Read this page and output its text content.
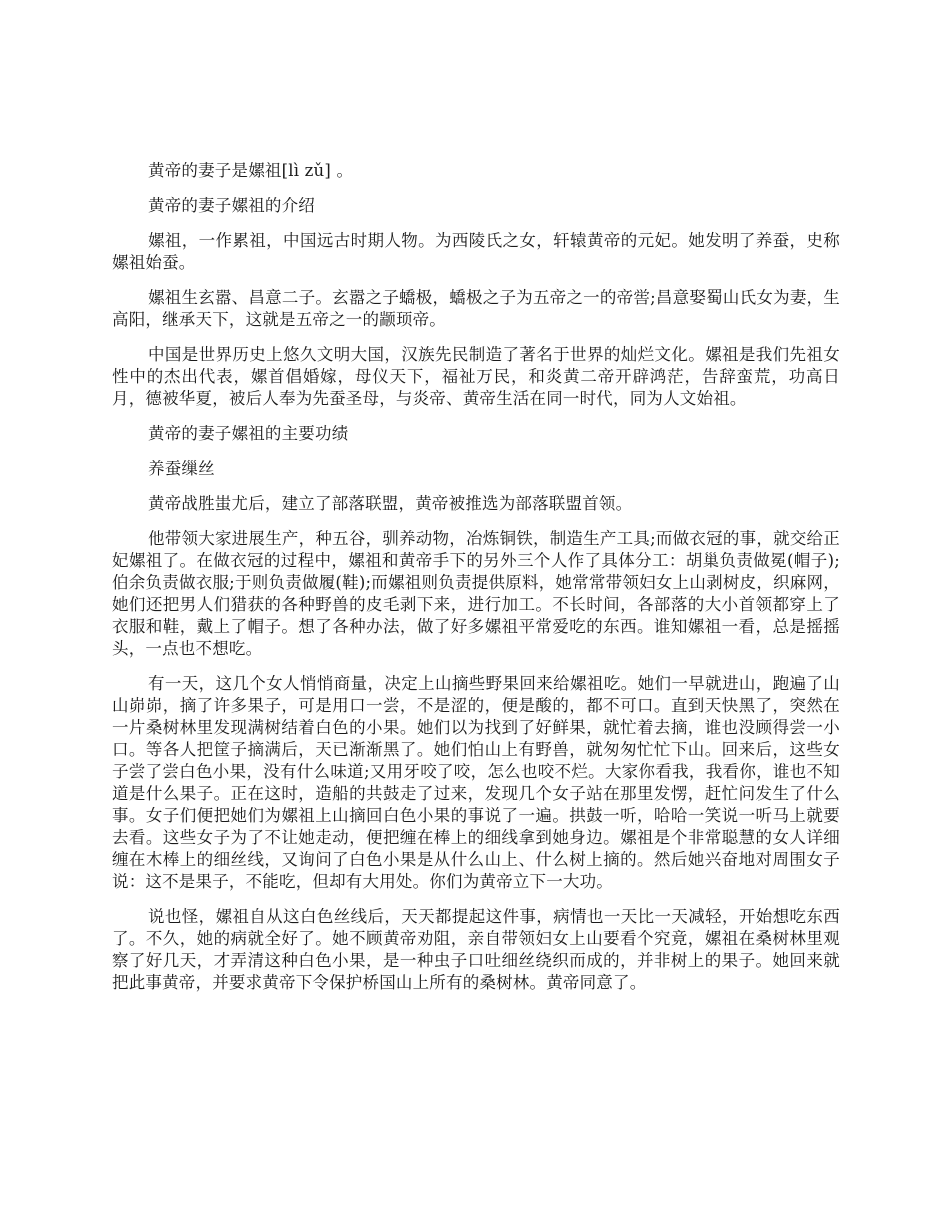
黄帝的妻子是嫘祖[lì zǔ] 。

黄帝的妻子嫘祖的介绍

嫘祖，一作累祖，中国远古时期人物。为西陵氏之女，轩辕黄帝的元妃。她发明了养蚕，史称嫘祖始蚕。

嫘祖生玄嚣、昌意二子。玄嚣之子蟜极，蟜极之子为五帝之一的帝喾;昌意娶蜀山氏女为妻，生高阳，继承天下，这就是五帝之一的颛顼帝。

中国是世界历史上悠久文明大国，汉族先民制造了著名于世界的灿烂文化。嫘祖是我们先祖女性中的杰出代表，嫘首倡婚嫁，母仪天下，福祉万民，和炎黄二帝开辟鸿茫，告辞蛮荒，功高日月，德被华夏，被后人奉为先蚕圣母，与炎帝、黄帝生活在同一时代，同为人文始祖。

黄帝的妻子嫘祖的主要功绩

养蚕缫丝

黄帝战胜蚩尤后，建立了部落联盟，黄帝被推选为部落联盟首领。

他带领大家进展生产，种五谷，驯养动物，冶炼铜铁，制造生产工具;而做衣冠的事，就交给正妃嫘祖了。在做衣冠的过程中，嫘祖和黄帝手下的另外三个人作了具体分工：胡巢负责做冕(帽子);伯余负责做衣服;于则负责做履(鞋);而嫘祖则负责提供原料，她常常带领妇女上山剥树皮，织麻网，她们还把男人们猎获的各种野兽的皮毛剥下来，进行加工。不长时间，各部落的大小首领都穿上了衣服和鞋，戴上了帽子。想了各种办法，做了好多嫘祖平常爱吃的东西。谁知嫘祖一看，总是摇摇头，一点也不想吃。

有一天，这几个女人悄悄商量，决定上山摘些野果回来给嫘祖吃。她们一早就进山，跑遍了山山峁峁，摘了许多果子，可是用口一尝，不是涩的，便是酸的，都不可口。直到天快黑了，突然在一片桑树林里发现满树结着白色的小果。她们以为找到了好鲜果，就忙着去摘，谁也没顾得尝一小口。等各人把筐子摘满后，天已渐渐黑了。她们怕山上有野兽，就匆匆忙忙下山。回来后，这些女子尝了尝白色小果，没有什么味道;又用牙咬了咬，怎么也咬不烂。大家你看我，我看你，谁也不知道是什么果子。正在这时，造船的共鼓走了过来，发现几个女子站在那里发愣，赶忙问发生了什么事。女子们便把她们为嫘祖上山摘回白色小果的事说了一遍。拱鼓一听，哈哈一笑说一听马上就要去看。这些女子为了不让她走动，便把缠在棒上的细线拿到她身边。嫘祖是个非常聪慧的女人详细缠在木棒上的细丝线，又询问了白色小果是从什么山上、什么树上摘的。然后她兴奋地对周围女子说：这不是果子，不能吃，但却有大用处。你们为黄帝立下一大功。

说也怪，嫘祖自从这白色丝线后，天天都提起这件事，病情也一天比一天减轻，开始想吃东西了。不久，她的病就全好了。她不顾黄帝劝阻，亲自带领妇女上山要看个究竟，嫘祖在桑树林里观察了好几天，才弄清这种白色小果，是一种虫子口吐细丝绕织而成的，并非树上的果子。她回来就把此事黄帝，并要求黄帝下令保护桥国山上所有的桑树林。黄帝同意了。
